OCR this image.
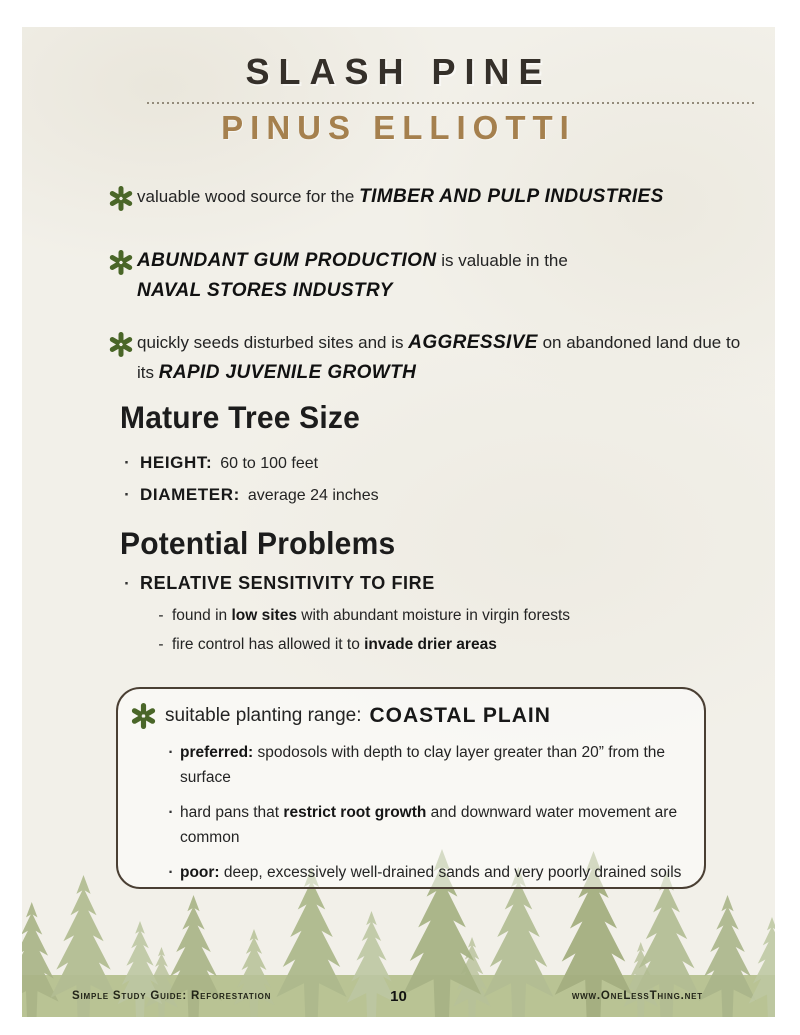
SLASH PINE
PINUS ELLIOTTI
valuable wood source for the TIMBER AND PULP INDUSTRIES
ABUNDANT GUM PRODUCTION is valuable in the NAVAL STORES INDUSTRY
quickly seeds disturbed sites and is AGGRESSIVE on abandoned land due to its RAPID JUVENILE GROWTH
Mature Tree Size
· HEIGHT: 60 to 100 feet
· DIAMETER: average 24 inches
Potential Problems
· RELATIVE SENSITIVITY TO FIRE
- found in low sites with abundant moisture in virgin forests
- fire control has allowed it to invade drier areas
suitable planting range: COASTAL PLAIN
· preferred: spodosols with depth to clay layer greater than 20” from the surface
· hard pans that restrict root growth and downward water movement are common
· poor: deep, excessively well-drained sands and very poorly drained soils
Simple Study Guide: Reforestation	10	www.OneLessThing.net
